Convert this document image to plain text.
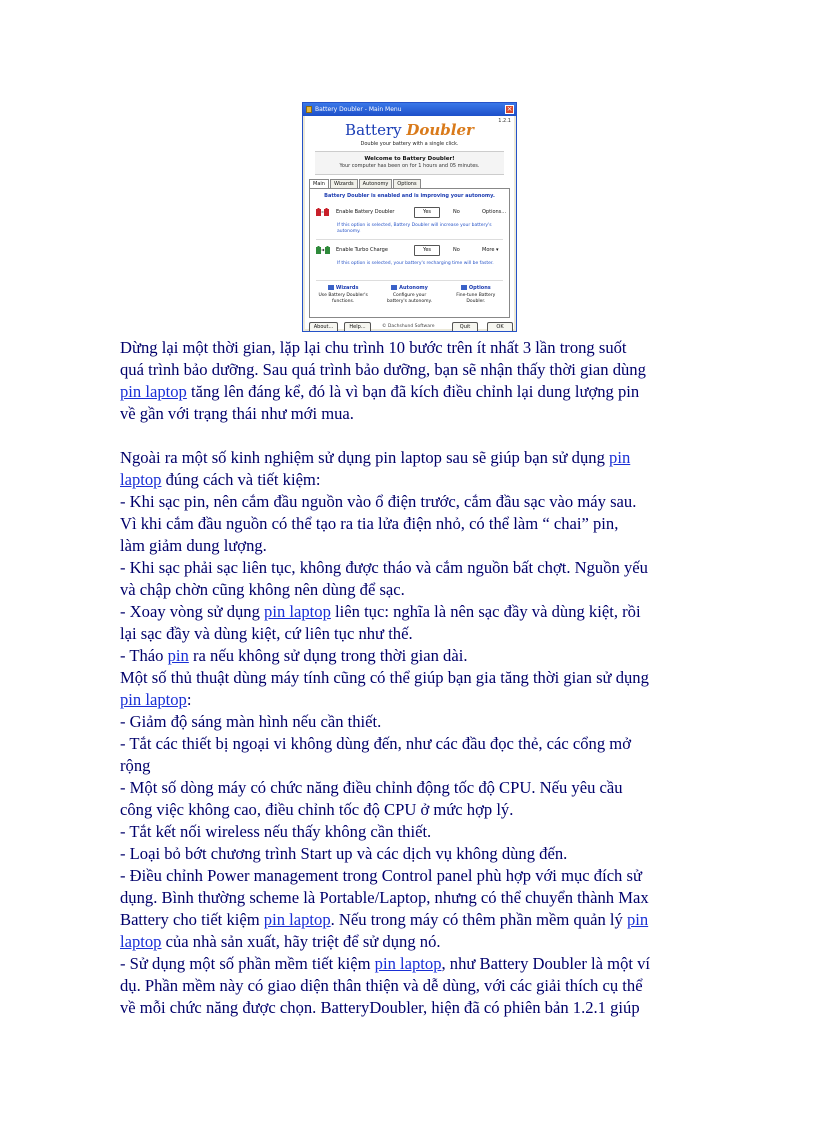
Battery Doubler - Main Menu	×
1.2.1
Battery Doubler
Double your battery with a single click.
Welcome to Battery Doubler!
Your computer has been on for 1 hours and 05 minutes.
Main	Wizards	Autonomy	Options
Battery Doubler is enabled and is improving your autonomy.
Enable Battery Doubler	Yes	No	Options...
If this option is selected, Battery Doubler will increase your battery's autonomy.
Enable Turbo Charge	Yes	No	More ▾
If this option is selected, your battery's recharging time will be faster.
Wizards
Use Battery Doubler's
functions.
Autonomy
Configure your
battery's autonomy.
Options
Fine-tune Battery
Doubler.
About...	Help...	© Dachshund Software	Quit	OK

Dừng lại một thời gian, lặp lại chu trình 10 bước trên ít nhất 3 lần trong suốt

quá trình bảo dưỡng. Sau quá trình bảo dưỡng, bạn sẽ nhận thấy thời gian dùng

pin laptop tăng lên đáng kể, đó là vì bạn đã kích điều chỉnh lại dung lượng pin

về gần với trạng thái như mới mua.

Ngoài ra một số kinh nghiệm sử dụng pin laptop sau sẽ giúp bạn sử dụng pin

laptop đúng cách và tiết kiệm:

- Khi sạc pin, nên cắm đầu nguồn vào ổ điện trước, cắm đầu sạc vào máy sau.

Vì khi cắm đầu nguồn có thể tạo ra tia lửa điện nhỏ, có thể làm “ chai” pin,

làm giảm dung lượng.

- Khi sạc phải sạc liên tục, không được tháo và cắm nguồn bất chợt. Nguồn yếu

và chập chờn cũng không nên dùng để sạc.

- Xoay vòng sử dụng pin laptop liên tục: nghĩa là nên sạc đầy và dùng kiệt, rồi

lại sạc đầy và dùng kiệt, cứ liên tục như thế.

- Tháo pin ra nếu không sử dụng trong thời gian dài.

Một số thủ thuật dùng máy tính cũng có thể giúp bạn gia tăng thời gian sử dụng

pin laptop:

- Giảm độ sáng màn hình nếu cần thiết.

- Tắt các thiết bị ngoại vi không dùng đến, như các đầu đọc thẻ, các cổng mở

rộng

- Một số dòng máy có chức năng điều chỉnh động tốc độ CPU. Nếu yêu cầu

công việc không cao, điều chỉnh tốc độ CPU ở mức hợp lý.

- Tắt kết nối wireless nếu thấy không cần thiết.

- Loại bỏ bớt chương trình Start up và các dịch vụ không dùng đến.

- Điều chỉnh Power management trong Control panel phù hợp với mục đích sử

dụng. Bình thường scheme là Portable/Laptop, nhưng có thể chuyển thành Max

Battery cho tiết kiệm pin laptop. Nếu trong máy có thêm phần mềm quản lý pin

laptop của nhà sản xuất, hãy triệt để sử dụng nó.

- Sử dụng một số phần mềm tiết kiệm pin laptop, như Battery Doubler là một ví

dụ. Phần mềm này có giao diện thân thiện và dễ dùng, với các giải thích cụ thể

về mỗi chức năng được chọn. BatteryDoubler, hiện đã có phiên bản 1.2.1 giúp
